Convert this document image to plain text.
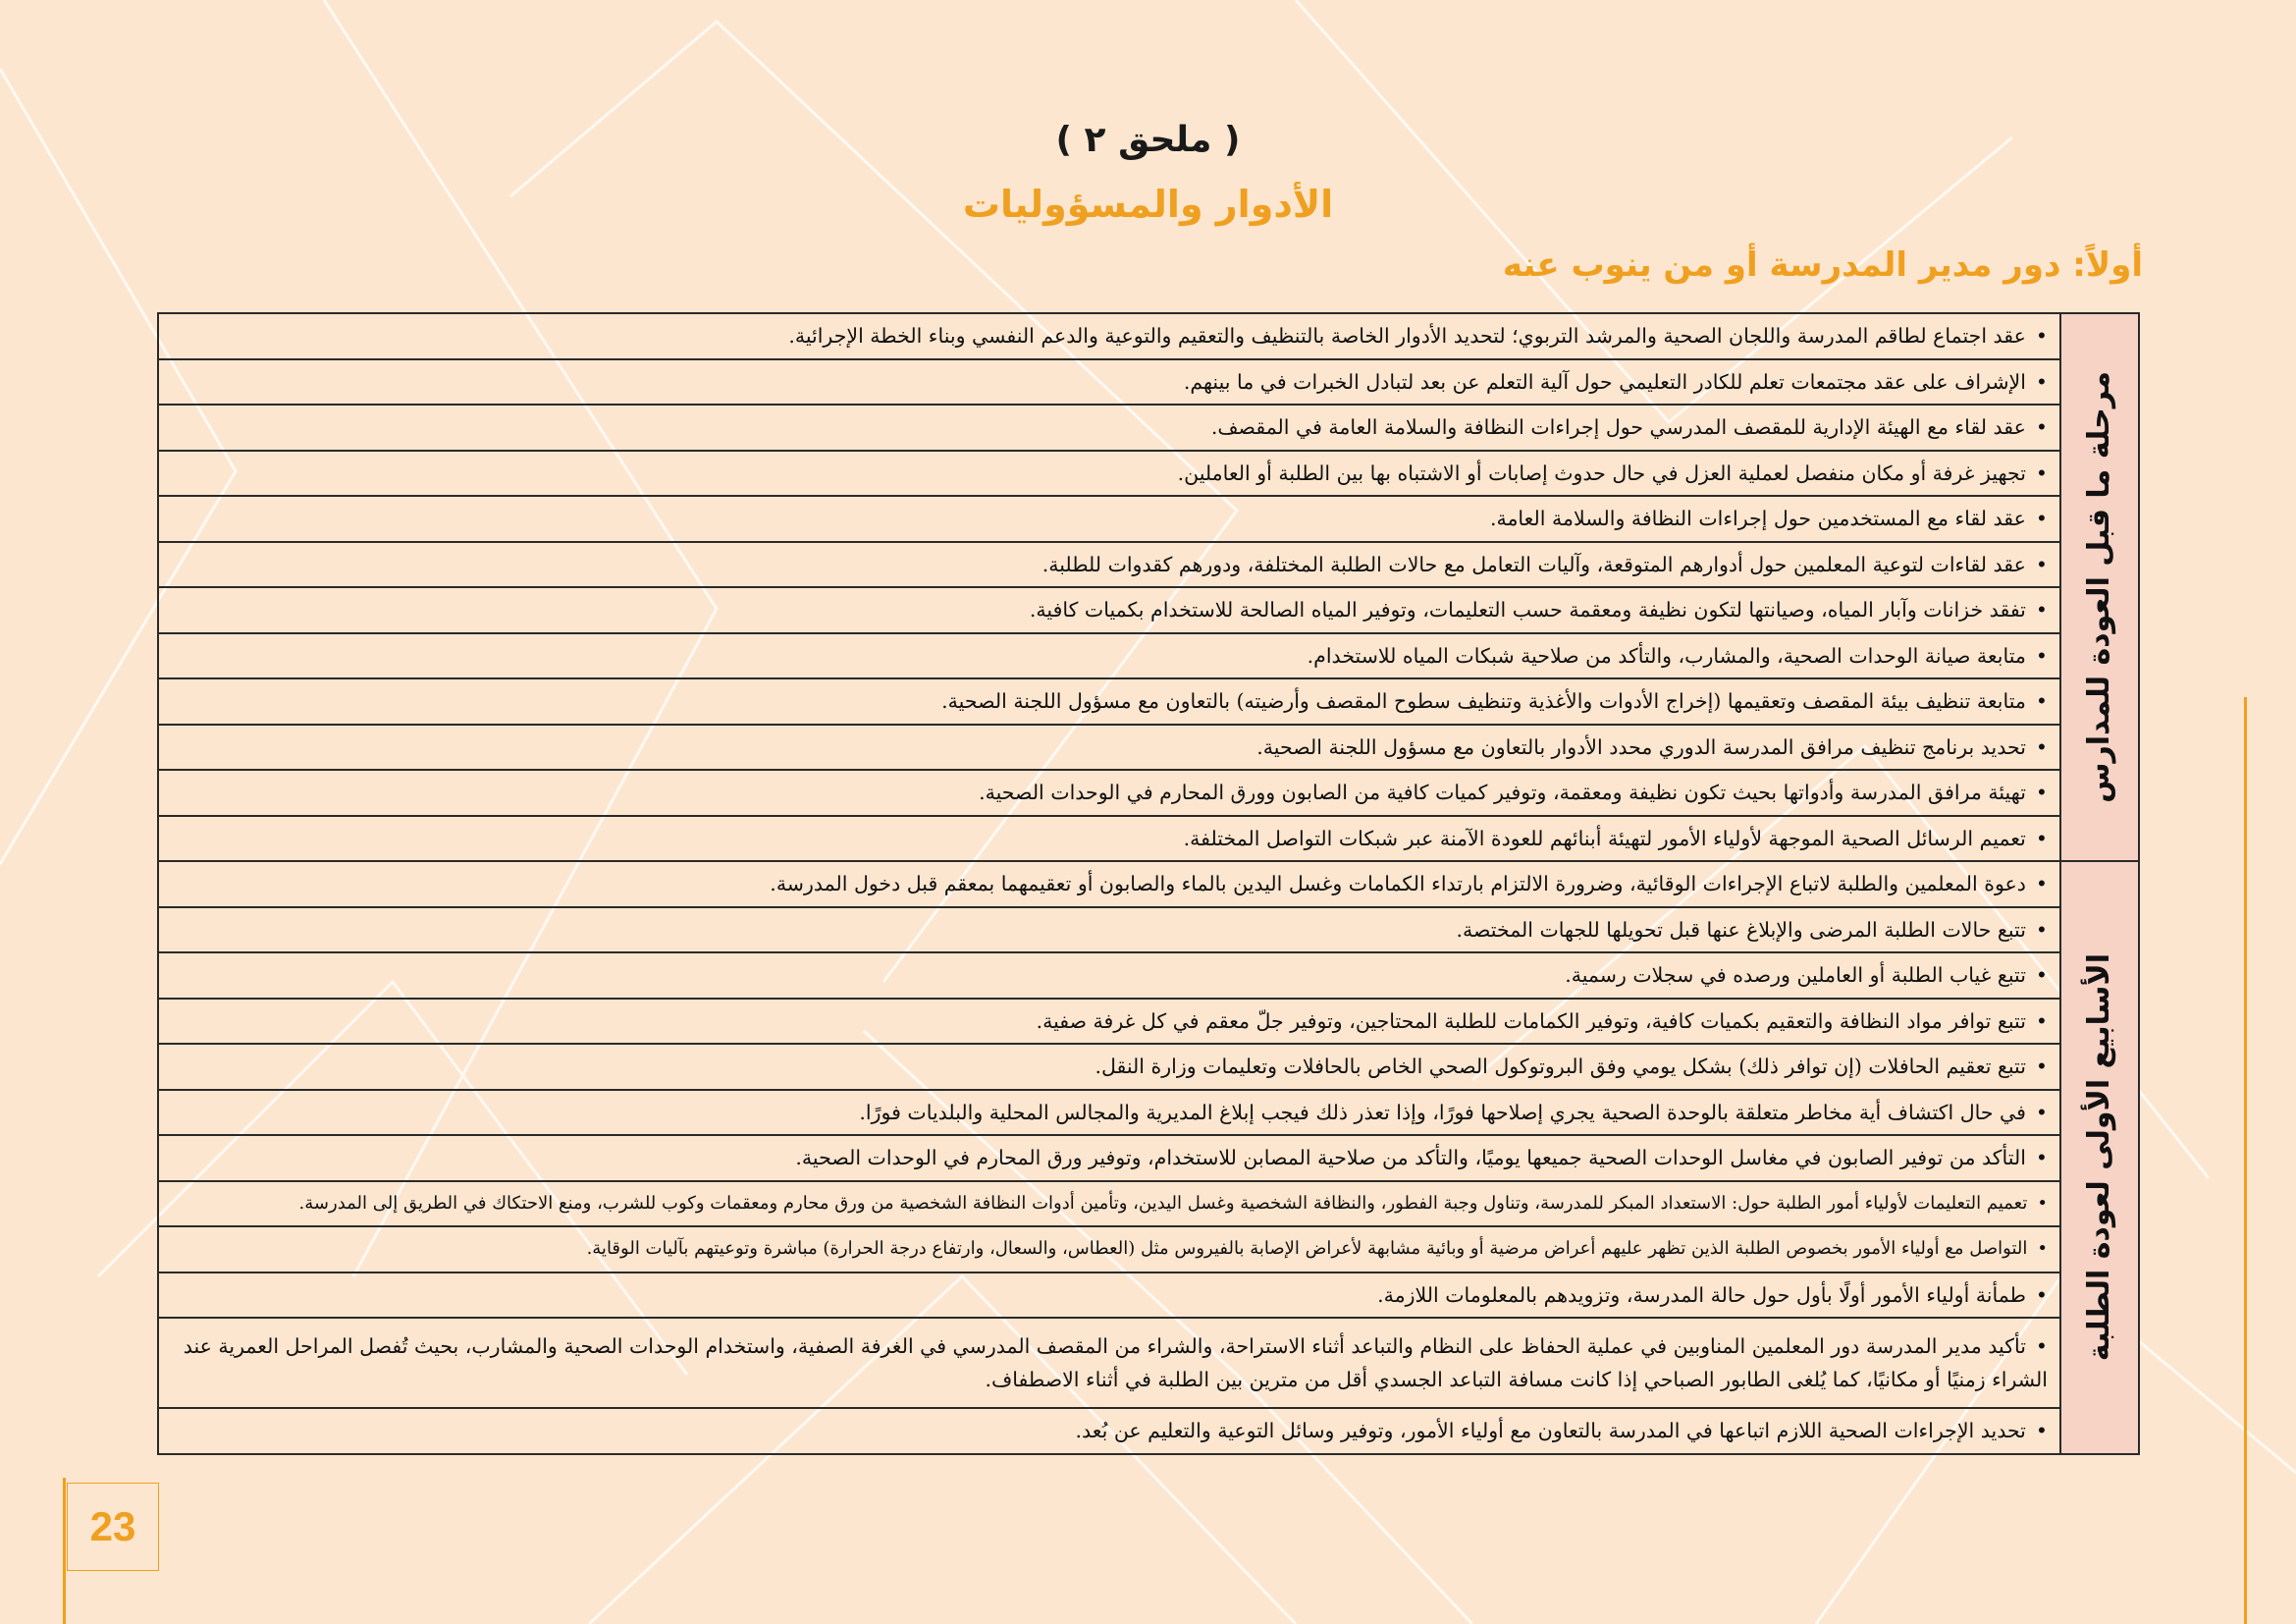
( ملحق ٢ )
الأدوار والمسؤوليات
أولاً: دور مدير المدرسة أو من ينوب عنه
مرحلة ما قبل العودة للمدارس	•عقد اجتماع لطاقم المدرسة واللجان الصحية والمرشد التربوي؛ لتحديد الأدوار الخاصة بالتنظيف والتعقيم والتوعية والدعم النفسي وبناء الخطة الإجرائية.
	•الإشراف على عقد مجتمعات تعلم للكادر التعليمي حول آلية التعلم عن بعد لتبادل الخبرات في ما بينهم.
	•عقد لقاء مع الهيئة الإدارية للمقصف المدرسي حول إجراءات النظافة والسلامة العامة في المقصف.
	•تجهيز غرفة أو مكان منفصل لعملية العزل في حال حدوث إصابات أو الاشتباه بها بين الطلبة أو العاملين.
	•عقد لقاء مع المستخدمين حول إجراءات النظافة والسلامة العامة.
	•عقد لقاءات لتوعية المعلمين حول أدوارهم المتوقعة، وآليات التعامل مع حالات الطلبة المختلفة، ودورهم كقدوات للطلبة.
	•تفقد خزانات وآبار المياه، وصيانتها لتكون نظيفة ومعقمة حسب التعليمات، وتوفير المياه الصالحة للاستخدام بكميات كافية.
	•متابعة صيانة الوحدات الصحية، والمشارب، والتأكد من صلاحية شبكات المياه للاستخدام.
	•متابعة تنظيف بيئة المقصف وتعقيمها (إخراج الأدوات والأغذية وتنظيف سطوح المقصف وأرضيته) بالتعاون مع مسؤول اللجنة الصحية.
	•تحديد برنامج تنظيف مرافق المدرسة الدوري محدد الأدوار بالتعاون مع مسؤول اللجنة الصحية.
	•تهيئة مرافق المدرسة وأدواتها بحيث تكون نظيفة ومعقمة، وتوفير كميات كافية من الصابون وورق المحارم في الوحدات الصحية.
	•تعميم الرسائل الصحية الموجهة لأولياء الأمور لتهيئة أبنائهم للعودة الآمنة عبر شبكات التواصل المختلفة.

الأسابيع الأولى لعودة الطلبة	•دعوة المعلمين والطلبة لاتباع الإجراءات الوقائية، وضرورة الالتزام بارتداء الكمامات وغسل اليدين بالماء والصابون أو تعقيمهما بمعقم قبل دخول المدرسة.
	•تتبع حالات الطلبة المرضى والإبلاغ عنها قبل تحويلها للجهات المختصة.
	•تتبع غياب الطلبة أو العاملين ورصده في سجلات رسمية.
	•تتبع توافر مواد النظافة والتعقيم بكميات كافية، وتوفير الكمامات للطلبة المحتاجين، وتوفير جلّ معقم في كل غرفة صفية.
	•تتبع تعقيم الحافلات (إن توافر ذلك) بشكل يومي وفق البروتوكول الصحي الخاص بالحافلات وتعليمات وزارة النقل.
	•في حال اكتشاف أية مخاطر متعلقة بالوحدة الصحية يجري إصلاحها فورًا، وإذا تعذر ذلك فيجب إبلاغ المديرية والمجالس المحلية والبلديات فورًا.
	•التأكد من توفير الصابون في مغاسل الوحدات الصحية جميعها يوميًا، والتأكد من صلاحية المصابن للاستخدام، وتوفير ورق المحارم في الوحدات الصحية.
	•تعميم التعليمات لأولياء أمور الطلبة حول: الاستعداد المبكر للمدرسة، وتناول وجبة الفطور، والنظافة الشخصية وغسل اليدين، وتأمين أدوات النظافة الشخصية من ورق محارم ومعقمات وكوب للشرب، ومنع الاحتكاك في الطريق إلى المدرسة.
	•التواصل مع أولياء الأمور بخصوص الطلبة الذين تظهر عليهم أعراض مرضية أو وبائية مشابهة لأعراض الإصابة بالفيروس مثل (العطاس، والسعال، وارتفاع درجة الحرارة) مباشرة وتوعيتهم بآليات الوقاية.
	•طمأنة أولياء الأمور أولًا بأول حول حالة المدرسة، وتزويدهم بالمعلومات اللازمة.
	•تأكيد مدير المدرسة دور المعلمين المناوبين في عملية الحفاظ على النظام والتباعد أثناء الاستراحة، والشراء من المقصف المدرسي في الغرفة الصفية، واستخدام الوحدات الصحية والمشارب، بحيث تُفصل المراحل العمرية عند الشراء زمنيًا أو مكانيًا، كما يُلغى الطابور الصباحي إذا كانت مسافة التباعد الجسدي أقل من مترين بين الطلبة في أثناء الاصطفاف.
	•تحديد الإجراءات الصحية اللازم اتباعها في المدرسة بالتعاون مع أولياء الأمور، وتوفير وسائل التوعية والتعليم عن بُعد.
23
